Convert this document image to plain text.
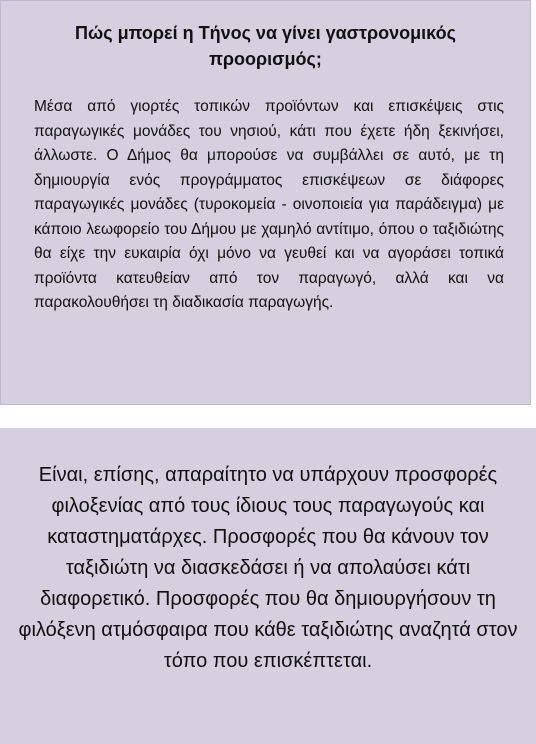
Πώς μπορεί η Τήνος να γίνει γαστρονομικός προορισμός;

Μέσα από γιορτές τοπικών προϊόντων και επισκέψεις στις παραγωγικές μονάδες του νησιού, κάτι που έχετε ήδη ξεκινήσει, άλλωστε. Ο Δήμος θα μπορούσε να συμβάλλει σε αυτό, με τη δημιουργία ενός προγράμματος επισκέψεων σε διάφορες παραγωγικές μονάδες (τυροκομεία - οινοποιεία για παράδειγμα) με κάποιο λεωφορείο του Δήμου με χαμηλό αντίτιμο, όπου ο ταξιδιώτης θα είχε την ευκαιρία όχι μόνο να γευθεί και να αγοράσει τοπικά προϊόντα κατευθείαν από τον παραγωγό, αλλά και να παρακολουθήσει τη διαδικασία παραγωγής.

Είναι, επίσης, απαραίτητο να υπάρχουν προσφορές φιλοξενίας από τους ίδιους τους παραγωγούς και καταστηματάρχες. Προσφορές που θα κάνουν τον ταξιδιώτη να διασκεδάσει ή να απολαύσει κάτι διαφορετικό. Προσφορές που θα δημιουργήσουν τη φιλόξενη ατμόσφαιρα που κάθε ταξιδιώτης αναζητά στον τόπο που επισκέπτεται.
